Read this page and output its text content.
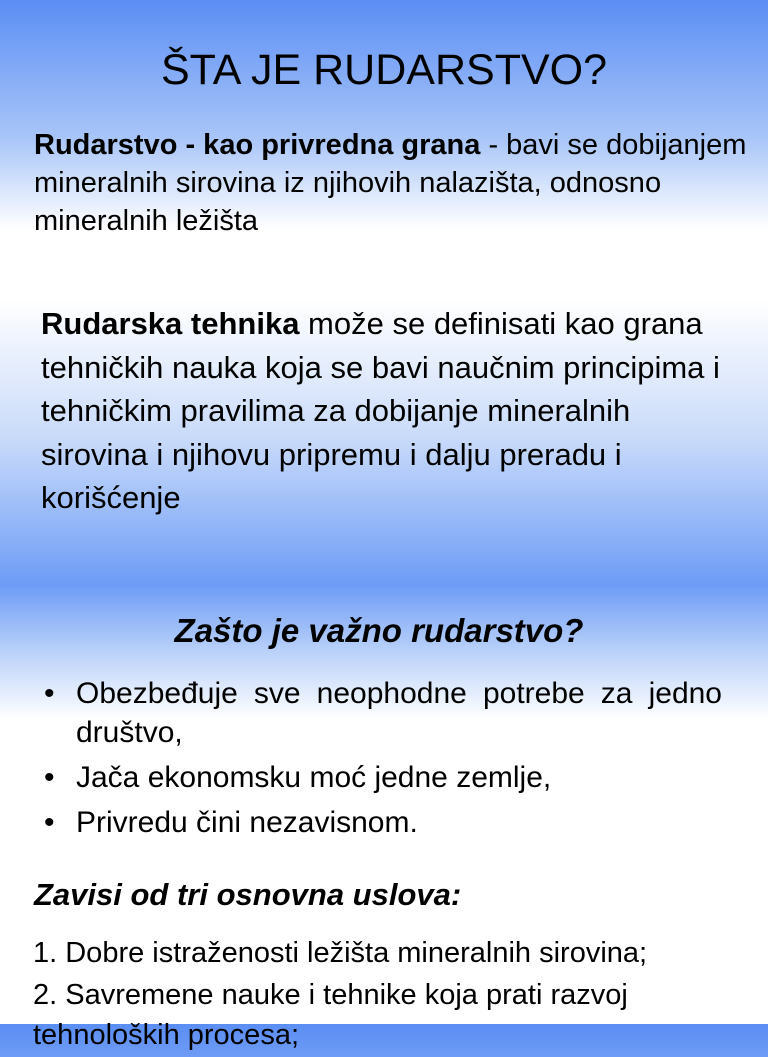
ŠTA JE RUDARSTVO?
Rudarstvo - kao privredna grana - bavi se dobijanjem mineralnih sirovina iz njihovih nalazišta, odnosno mineralnih ležišta
Rudarska tehnika može se definisati kao grana tehničkih nauka koja se bavi naučnim principima i tehničkim pravilima za dobijanje mineralnih sirovina i njihovu pripremu i dalju preradu i korišćenje
Zašto je važno rudarstvo?
• Obezbeđuje sve neophodne potrebe za jedno društvo,
• Jača ekonomsku moć jedne zemlje,
• Privredu čini nezavisnom.
Zavisi od tri osnovna uslova:
1. Dobre istraženosti ležišta mineralnih sirovina;
2. Savremene nauke i tehnike koja prati razvoj tehnoloških procesa;
